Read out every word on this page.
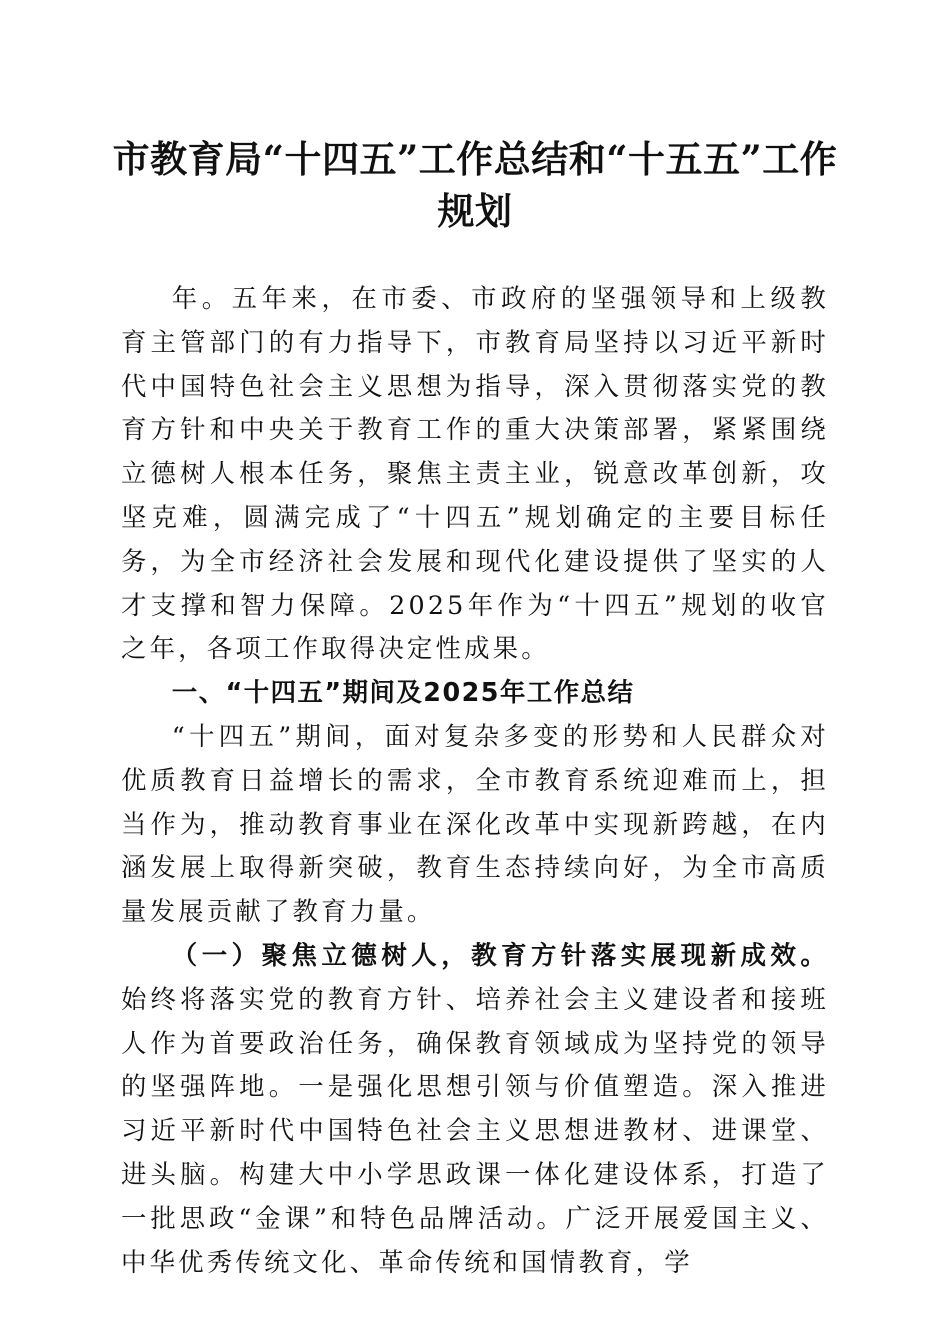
市教育局“十四五”工作总结和“十五五”工作规划

年。五年来，在市委、市政府的坚强领导和上级教育主管部门的有力指导下，市教育局坚持以习近平新时代中国特色社会主义思想为指导，深入贯彻落实党的教育方针和中央关于教育工作的重大决策部署，紧紧围绕立德树人根本任务，聚焦主责主业，锐意改革创新，攻坚克难，圆满完成了“十四五”规划确定的主要目标任务，为全市经济社会发展和现代化建设提供了坚实的人才支撑和智力保障。2025年作为“十四五”规划的收官之年，各项工作取得决定性成果。

一、“十四五”期间及2025年工作总结

“十四五”期间，面对复杂多变的形势和人民群众对优质教育日益增长的需求，全市教育系统迎难而上，担当作为，推动教育事业在深化改革中实现新跨越，在内涵发展上取得新突破，教育生态持续向好，为全市高质量发展贡献了教育力量。

（一）聚焦立德树人，教育方针落实展现新成效。始终将落实党的教育方针、培养社会主义建设者和接班人作为首要政治任务，确保教育领域成为坚持党的领导的坚强阵地。一是强化思想引领与价值塑造。深入推进习近平新时代中国特色社会主义思想进教材、进课堂、进头脑。构建大中小学思政课一体化建设体系，打造了一批思政“金课”和特色品牌活动。广泛开展爱国主义、中华优秀传统文化、革命传统和国情教育，学
